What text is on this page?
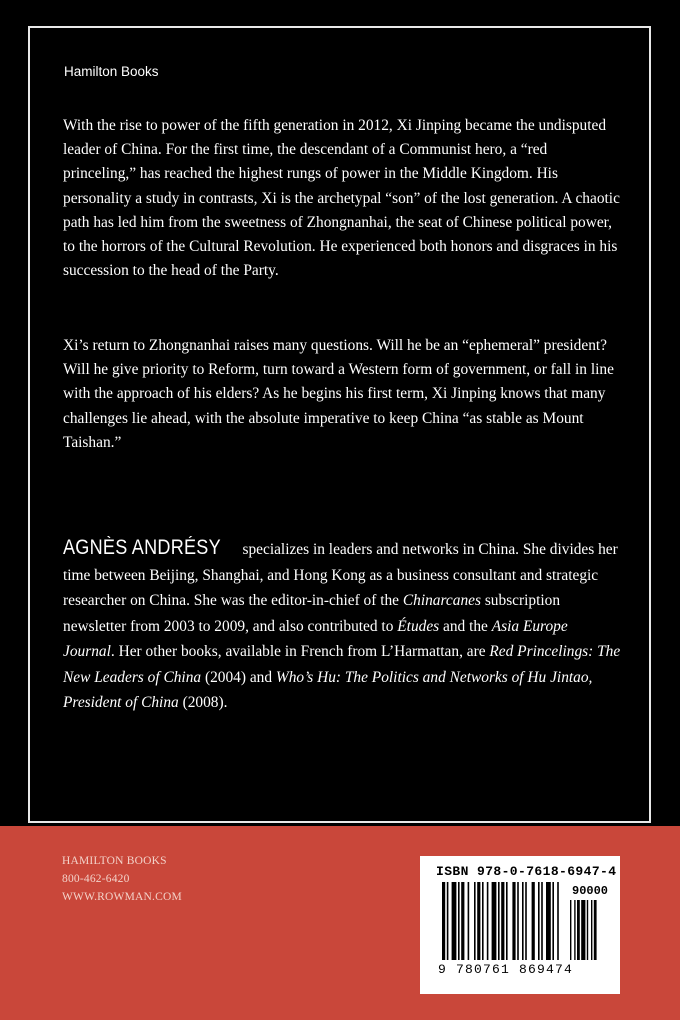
Hamilton Books

With the rise to power of the fifth generation in 2012, Xi Jinping became the undisputed leader of China. For the first time, the descendant of a Communist hero, a “red princeling,” has reached the highest rungs of power in the Middle Kingdom. His personality a study in contrasts, Xi is the archetypal “son” of the lost generation. A chaotic path has led him from the sweetness of Zhongnanhai, the seat of Chinese political power, to the horrors of the Cultural Revolution. He experienced both honors and disgraces in his succession to the head of the Party.

Xi’s return to Zhongnanhai raises many questions. Will he be an “ephemeral” president? Will he give priority to Reform, turn toward a Western form of government, or fall in line with the approach of his elders? As he begins his first term, Xi Jinping knows that many challenges lie ahead, with the absolute imperative to keep China “as stable as Mount Taishan.”

AGNÈS ANDRÉSY specializes in leaders and networks in China. She divides her time between Beijing, Shanghai, and Hong Kong as a business consultant and strategic researcher on China. She was the editor-in-chief of the Chinarcanes subscription newsletter from 2003 to 2009, and also contributed to Études and the Asia Europe Journal. Her other books, available in French from L’Harmattan, are Red Princelings: The New Leaders of China (2004) and Who’s Hu: The Politics and Networks of Hu Jintao, President of China (2008).

HAMILTON BOOKS
800-462-6420
WWW.ROWMAN.COM
ISBN 978-0-7618-6947-4
90000
9 780761 869474
